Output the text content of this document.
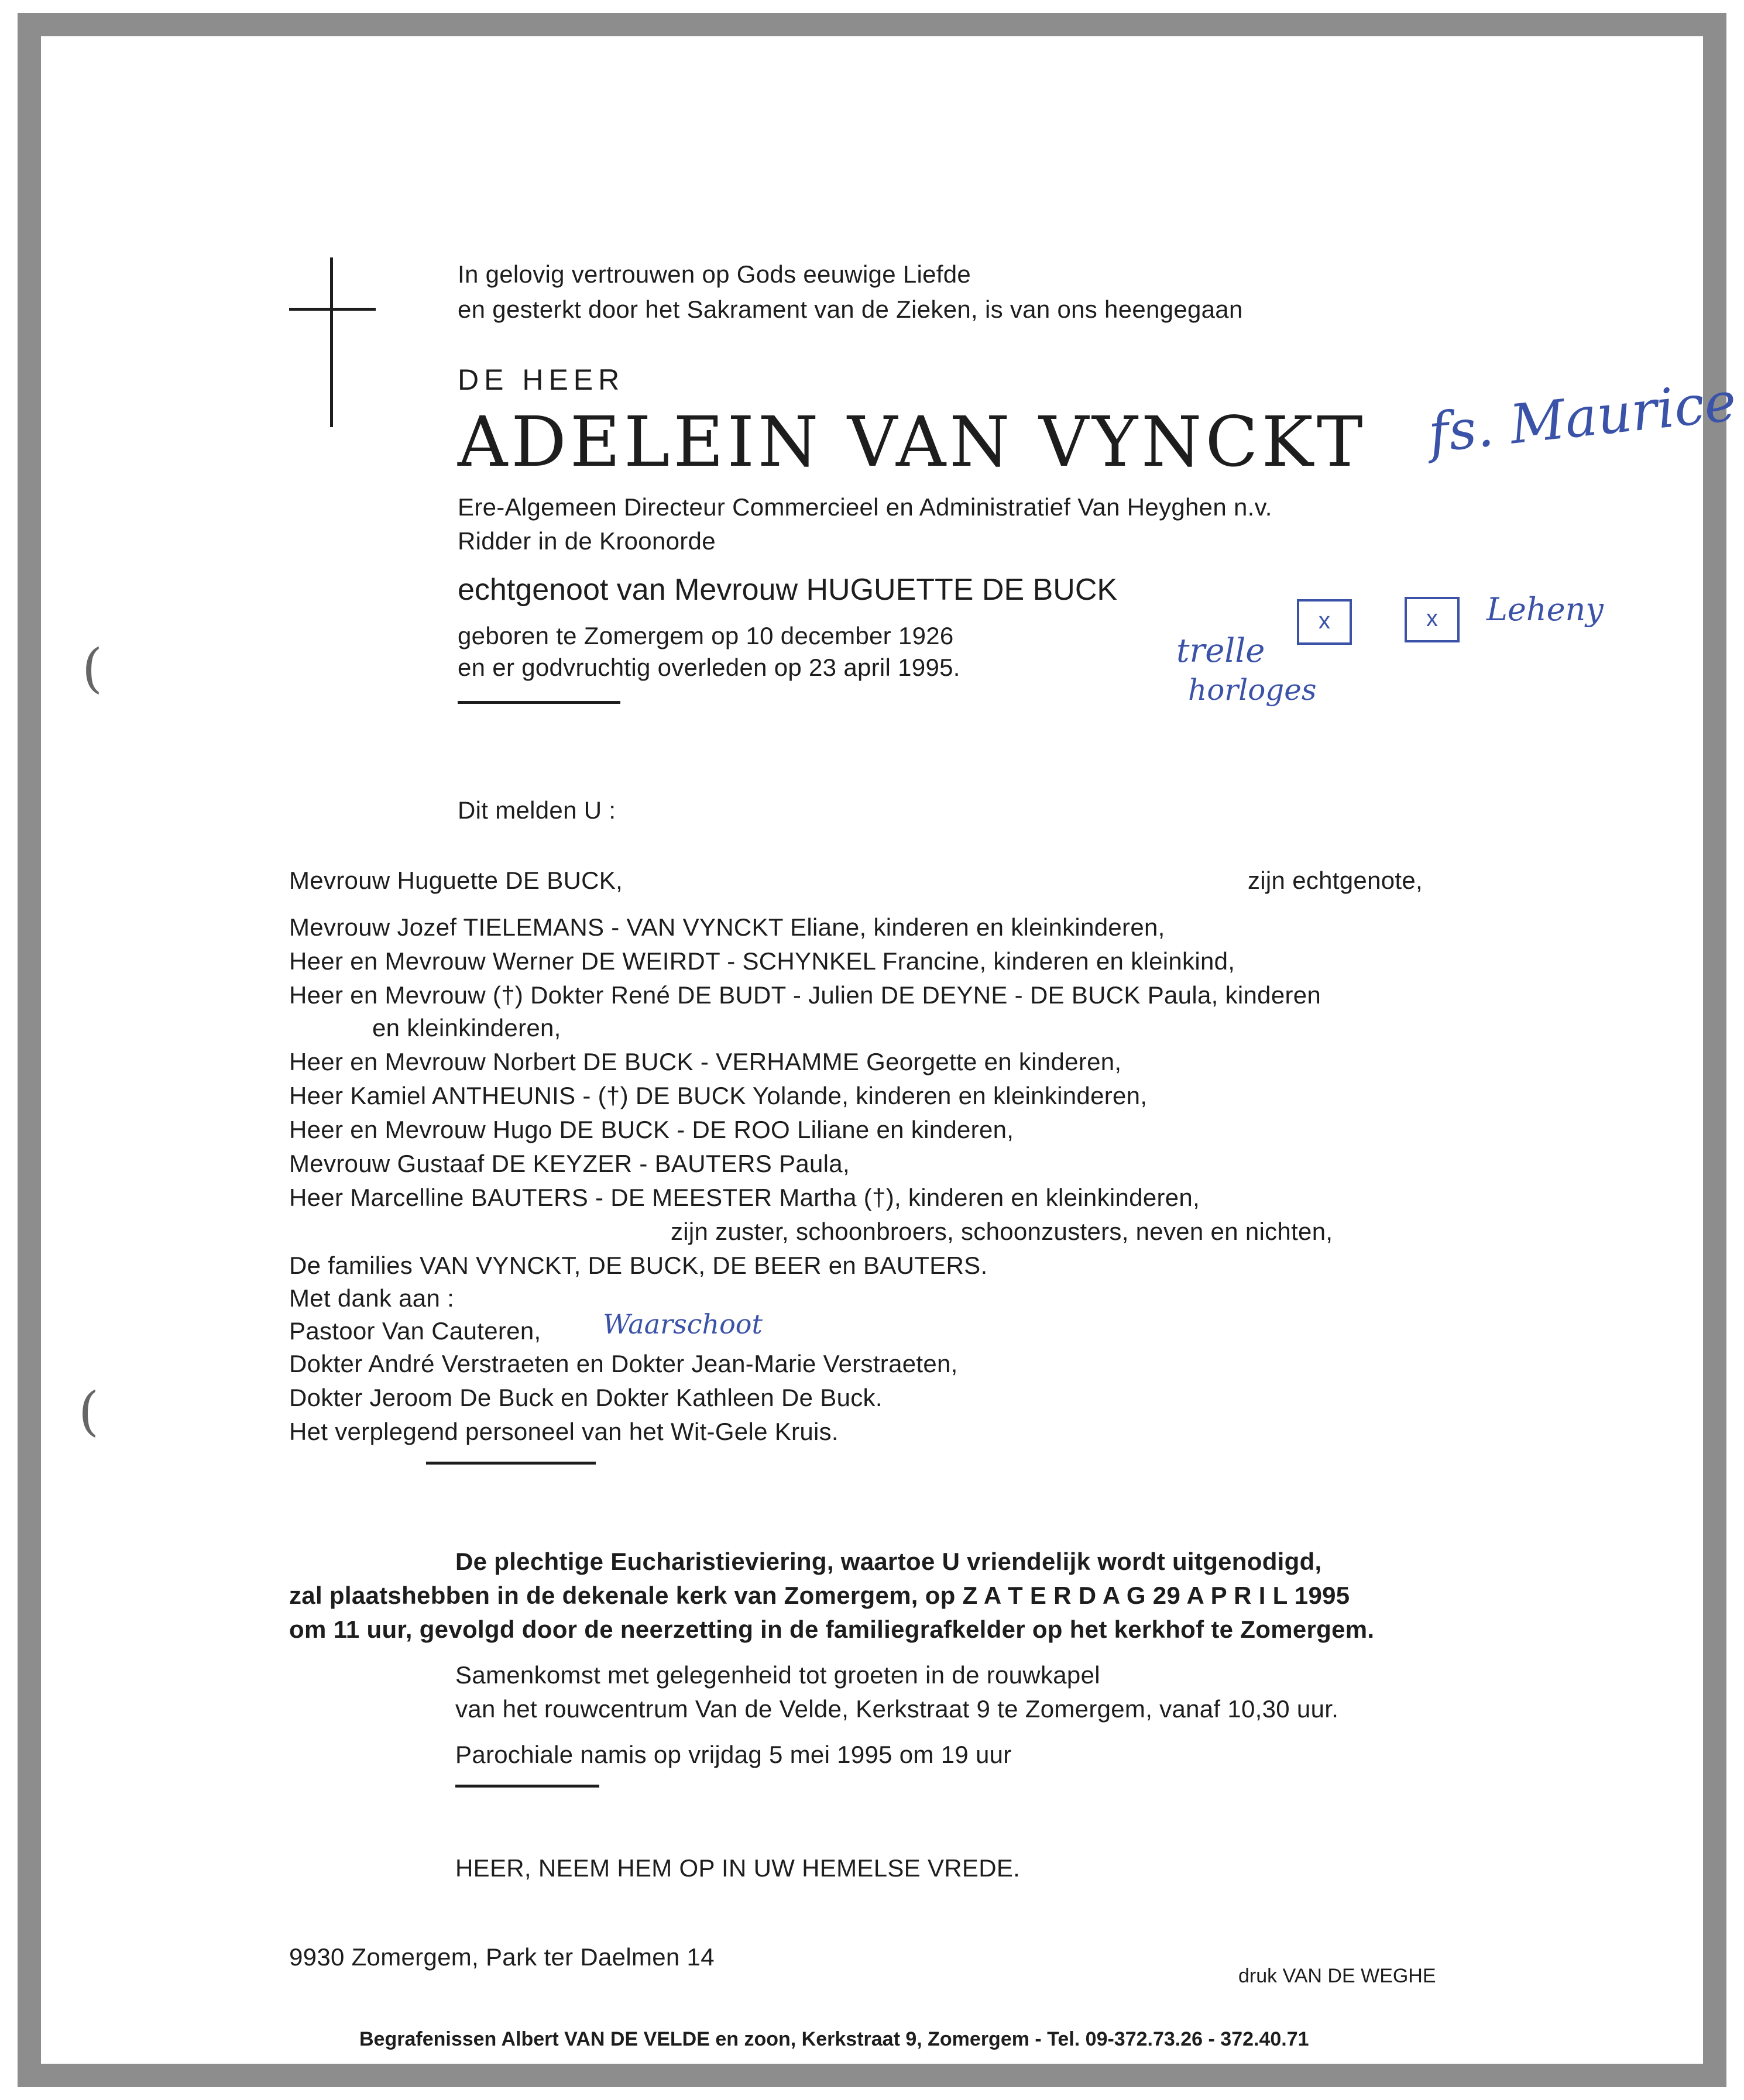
(
(
In gelovig vertrouwen op Gods eeuwige Liefde
en gesterkt door het Sakrament van de Zieken, is van ons heengegaan
DE HEER
ADELEIN VAN VYNCKT
Ere-Algemeen Directeur Commercieel en Administratief Van Heyghen n.v.
Ridder in de Kroonorde
echtgenoot van Mevrouw HUGUETTE DE BUCK
geboren te Zomergem op 10 december 1926
en er godvruchtig overleden op 23 april 1995.
fs. Maurice
trelle
horloges
x	x	Leheny
Dit melden U :
Mevrouw Huguette DE BUCK,	zijn echtgenote,
Mevrouw Jozef TIELEMANS - VAN VYNCKT Eliane, kinderen en kleinkinderen,
Heer en Mevrouw Werner DE WEIRDT - SCHYNKEL Francine, kinderen en kleinkind,
Heer en Mevrouw (†) Dokter René DE BUDT - Julien DE DEYNE - DE BUCK Paula, kinderen
en kleinkinderen,
Heer en Mevrouw Norbert DE BUCK - VERHAMME Georgette en kinderen,
Heer Kamiel ANTHEUNIS - (†) DE BUCK Yolande, kinderen en kleinkinderen,
Heer en Mevrouw Hugo DE BUCK - DE ROO Liliane en kinderen,
Mevrouw Gustaaf DE KEYZER - BAUTERS Paula,
Heer Marcelline BAUTERS - DE MEESTER Martha (†), kinderen en kleinkinderen,
zijn zuster, schoonbroers, schoonzusters, neven en nichten,
De families VAN VYNCKT, DE BUCK, DE BEER en BAUTERS.
Met dank aan :
Pastoor Van Cauteren, Waarschoot
Dokter André Verstraeten en Dokter Jean-Marie Verstraeten,
Dokter Jeroom De Buck en Dokter Kathleen De Buck.
Het verplegend personeel van het Wit-Gele Kruis.
De plechtige Eucharistieviering, waartoe U vriendelijk wordt uitgenodigd,
zal plaatshebben in de dekenale kerk van Zomergem, op Z A T E R D A G 29 A P R I L 1995
om 11 uur, gevolgd door de neerzetting in de familiegrafkelder op het kerkhof te Zomergem.
Samenkomst met gelegenheid tot groeten in de rouwkapel
van het rouwcentrum Van de Velde, Kerkstraat 9 te Zomergem, vanaf 10,30 uur.
Parochiale namis op vrijdag 5 mei 1995 om 19 uur
HEER, NEEM HEM OP IN UW HEMELSE VREDE.
9930 Zomergem, Park ter Daelmen 14
druk VAN DE WEGHE
Begrafenissen Albert VAN DE VELDE en zoon, Kerkstraat 9, Zomergem - Tel. 09-372.73.26 - 372.40.71
